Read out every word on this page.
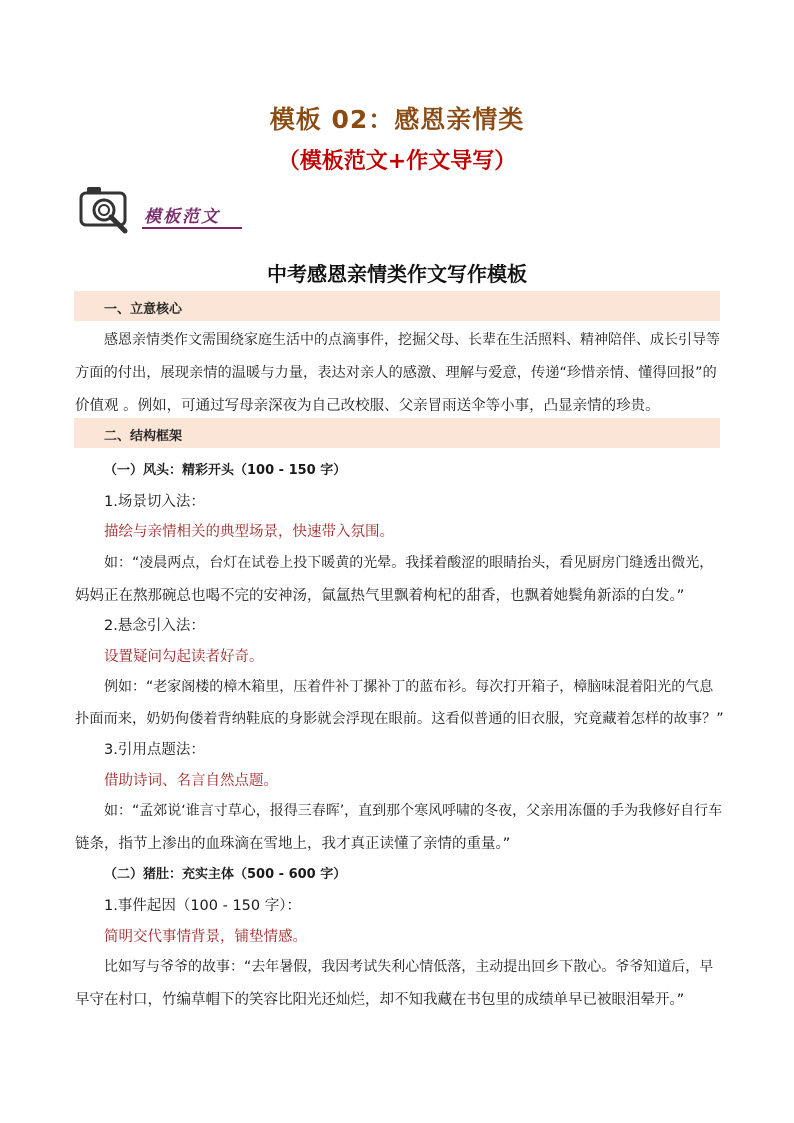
模板 02：感恩亲情类
（模板范文+作文导写）
模板范文
中考感恩亲情类作文写作模板
一、立意核心
感恩亲情类作文需围绕家庭生活中的点滴事件，挖掘父母、长辈在生活照料、精神陪伴、成长引导等
方面的付出，展现亲情的温暖与力量，表达对亲人的感激、理解与爱意，传递“珍惜亲情、懂得回报”的
价值观 。例如，可通过写母亲深夜为自己改校服、父亲冒雨送伞等小事，凸显亲情的珍贵。
二、结构框架
（一）风头：精彩开头（100 - 150 字）
1.场景切入法：
描绘与亲情相关的典型场景，快速带入氛围。
如：“凌晨两点，台灯在试卷上投下暖黄的光晕。我揉着酸涩的眼睛抬头，看见厨房门缝透出微光，
妈妈正在熬那碗总也喝不完的安神汤，氤氲热气里飘着枸杞的甜香，也飘着她鬓角新添的白发。”
2.悬念引入法：
设置疑问勾起读者好奇。
例如：“老家阁楼的樟木箱里，压着件补丁摞补丁的蓝布衫。每次打开箱子，樟脑味混着阳光的气息
扑面而来，奶奶佝偻着背纳鞋底的身影就会浮现在眼前。这看似普通的旧衣服，究竟藏着怎样的故事？”
3.引用点题法：
借助诗词、名言自然点题。
如：“孟郊说‘谁言寸草心，报得三春晖’，直到那个寒风呼啸的冬夜，父亲用冻僵的手为我修好自行车
链条，指节上渗出的血珠滴在雪地上，我才真正读懂了亲情的重量。”
（二）猪肚：充实主体（500 - 600 字）
1.事件起因（100 - 150 字）：
简明交代事情背景，铺垫情感。
比如写与爷爷的故事：“去年暑假，我因考试失利心情低落，主动提出回乡下散心。爷爷知道后，早
早守在村口，竹编草帽下的笑容比阳光还灿烂，却不知我藏在书包里的成绩单早已被眼泪晕开。”
